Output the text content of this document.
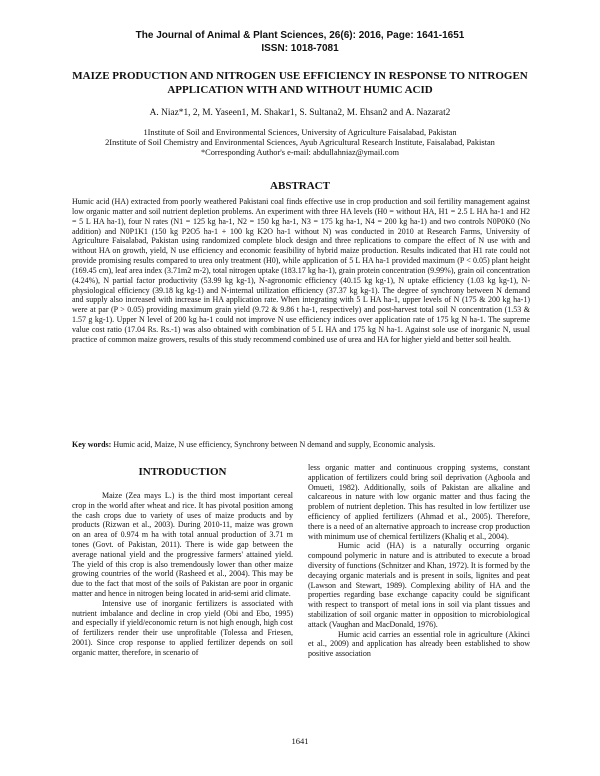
The Journal of Animal & Plant Sciences, 26(6): 2016, Page: 1641-1651
ISSN: 1018-7081
MAIZE PRODUCTION AND NITROGEN USE EFFICIENCY IN RESPONSE TO NITROGEN APPLICATION WITH AND WITHOUT HUMIC ACID
A. Niaz*1, 2, M. Yaseen1, M. Shakar1, S. Sultana2, M. Ehsan2 and A. Nazarat2
1Institute of Soil and Environmental Sciences, University of Agriculture Faisalabad, Pakistan
2Institute of Soil Chemistry and Environmental Sciences, Ayub Agricultural Research Institute, Faisalabad, Pakistan
*Corresponding Author's e-mail: abdullahniaz@ymail.com
ABSTRACT
Humic acid (HA) extracted from poorly weathered Pakistani coal finds effective use in crop production and soil fertility management against low organic matter and soil nutrient depletion problems. An experiment with three HA levels (H0 = without HA, H1 = 2.5 L HA ha-1 and H2 = 5 L HA ha-1), four N rates (N1 = 125 kg ha-1, N2 = 150 kg ha-1, N3 = 175 kg ha-1, N4 = 200 kg ha-1) and two controls N0P0K0 (No addition) and N0P1K1 (150 kg P2O5 ha-1 + 100 kg K2O ha-1 without N) was conducted in 2010 at Research Farms, University of Agriculture Faisalabad, Pakistan using randomized complete block design and three replications to compare the effect of N use with and without HA on growth, yield, N use efficiency and economic feasibility of hybrid maize production. Results indicated that H1 rate could not provide promising results compared to urea only treatment (H0), while application of 5 L HA ha-1 provided maximum (P < 0.05) plant height (169.45 cm), leaf area index (3.71m2 m-2), total nitrogen uptake (183.17 kg ha-1), grain protein concentration (9.99%), grain oil concentration (4.24%), N partial factor productivity (53.99 kg kg-1), N-agronomic efficiency (40.15 kg kg-1), N uptake efficiency (1.03 kg kg-1), N-physiological efficiency (39.18 kg kg-1) and N-internal utilization efficiency (37.37 kg kg-1). The degree of synchrony between N demand and supply also increased with increase in HA application rate. When integrating with 5 L HA ha-1, upper levels of N (175 & 200 kg ha-1) were at par (P > 0.05) providing maximum grain yield (9.72 & 9.86 t ha-1, respectively) and post-harvest total soil N concentration (1.53 & 1.57 g kg-1). Upper N level of 200 kg ha-1 could not improve N use efficiency indices over application rate of 175 kg N ha-1. The supreme value cost ratio (17.04 Rs. Rs.-1) was also obtained with combination of 5 L HA and 175 kg N ha-1. Against sole use of inorganic N, usual practice of common maize growers, results of this study recommend combined use of urea and HA for higher yield and better soil health.
Key words: Humic acid, Maize, N use efficiency, Synchrony between N demand and supply, Economic analysis.
INTRODUCTION

Maize (Zea mays L.) is the third most important cereal crop in the world after wheat and rice. It has pivotal position among the cash crops due to variety of uses of maize products and by products (Rizwan et al., 2003). During 2010-11, maize was grown on an area of 0.974 m ha with total annual production of 3.71 m tones (Govt. of Pakistan, 2011). There is wide gap between the average national yield and the progressive farmers' attained yield. The yield of this crop is also tremendously lower than other maize growing countries of the world (Rasheed et al., 2004). This may be due to the fact that most of the soils of Pakistan are poor in organic matter and hence in nitrogen being located in arid-semi arid climate.

Intensive use of inorganic fertilizers is associated with nutrient imbalance and decline in crop yield (Obi and Ebo, 1995) and especially if yield/economic return is not high enough, high cost of fertilizers render their use unprofitable (Tolessa and Friesen, 2001). Since crop response to applied fertilizer depends on soil organic matter, therefore, in scenario of

less organic matter and continuous cropping systems, constant application of fertilizers could bring soil deprivation (Agboola and Omueti, 1982). Additionally, soils of Pakistan are alkaline and calcareous in nature with low organic matter and thus facing the problem of nutrient depletion. This has resulted in low fertilizer use efficiency of applied fertilizers (Ahmad et al., 2005). Therefore, there is a need of an alternative approach to increase crop production with minimum use of chemical fertilizers (Khaliq et al., 2004).

Humic acid (HA) is a naturally occurring organic compound polymeric in nature and is attributed to execute a broad diversity of functions (Schnitzer and Khan, 1972). It is formed by the decaying organic materials and is present in soils, lignites and peat (Lawson and Stewart, 1989). Complexing ability of HA and the properties regarding base exchange capacity could be significant with respect to transport of metal ions in soil via plant tissues and stabilization of soil organic matter in opposition to microbiological attack (Vaughan and MacDonald, 1976).

Humic acid carries an essential role in agriculture (Akinci et al., 2009) and application has already been established to show positive association

1641
